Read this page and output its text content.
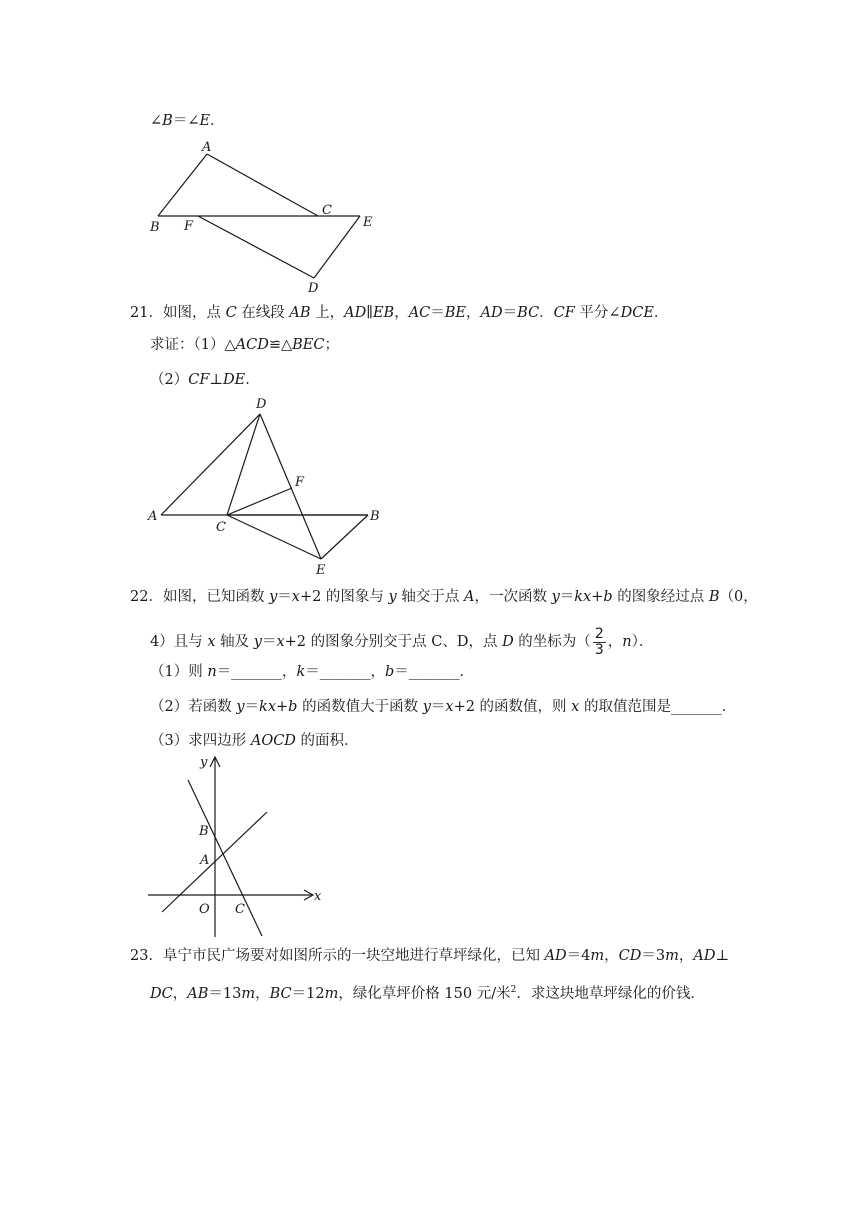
∠B＝∠E．
A
B F
C
E
D
21．如图，点 C 在线段 AB 上，AD∥EB，AC＝BE，AD＝BC．CF 平分∠DCE．
求证：（1）△ACD≌△BEC；
（2）CF⊥DE．
D
F
A
C
B
E
22．如图，已知函数 y＝x+2 的图象与 y 轴交于点 A，一次函数 y＝kx+b 的图象经过点 B（0，
4）且与 x 轴及 y＝x+2 的图象分别交于点 C、D，点 D 的坐标为（ $\frac{2}{3}$ ，n）．
（1）则 n＝_______，k＝_______，b＝_______．
（2）若函数 y＝kx+b 的函数值大于函数 y＝x+2 的函数值，则 x 的取值范围是_______．
（3）求四边形 AOCD 的面积．
y
x
B
A
O C
23．阜宁市民广场要对如图所示的一块空地进行草坪绿化，已知 AD＝4m，CD＝3m，AD⊥
DC，AB＝13m，BC＝12m，绿化草坪价格 150 元/米$^2$．求这块地草坪绿化的价钱．
